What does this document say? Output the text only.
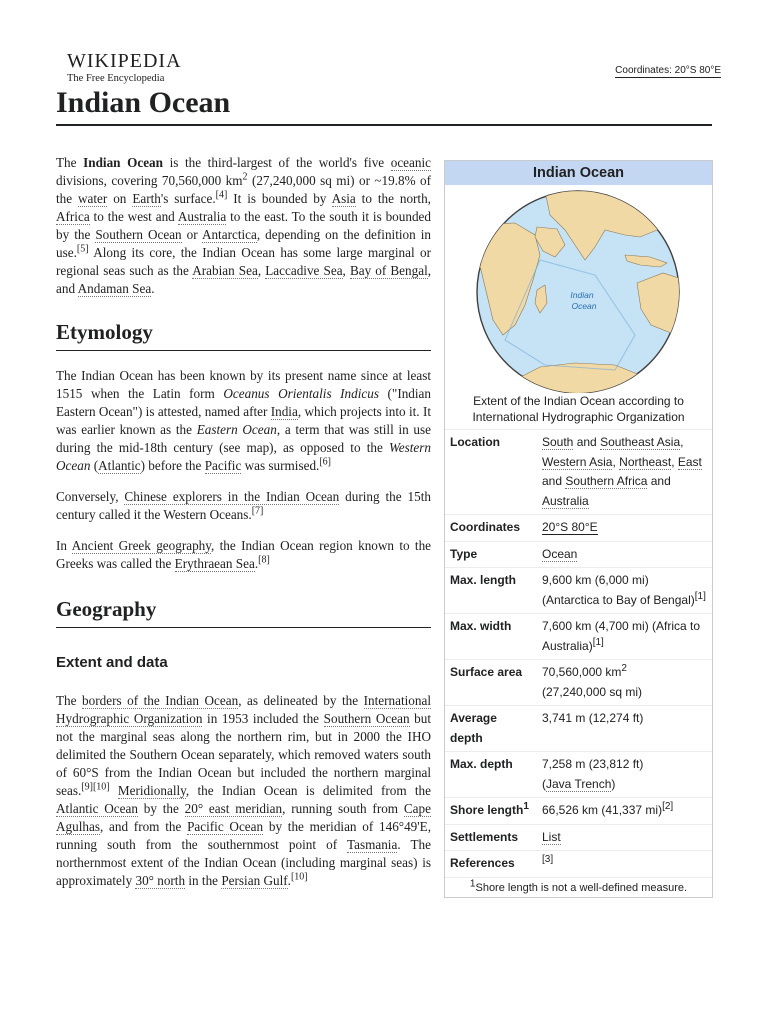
WIKIPEDIA
The Free Encyclopedia
Coordinates: 20°S 80°E
Indian Ocean

The Indian Ocean is the third-largest of the world's five oceanic divisions, covering 70,560,000 $km^2$ (27,240,000 sq mi) or ~19.8% of the water on Earth's surface.[4] It is bounded by Asia to the north, Africa to the west and Australia to the east. To the south it is bounded by the Southern Ocean or Antarctica, depending on the definition in use.[5] Along its core, the Indian Ocean has some large marginal or regional seas such as the Arabian Sea, Laccadive Sea, Bay of Bengal, and Andaman Sea.

Etymology

The Indian Ocean has been known by its present name since at least 1515 when the Latin form Oceanus Orientalis Indicus ("Indian Eastern Ocean") is attested, named after India, which projects into it. It was earlier known as the Eastern Ocean, a term that was still in use during the mid-18th century (see map), as opposed to the Western Ocean (Atlantic) before the Pacific was surmised.[6]

Conversely, Chinese explorers in the Indian Ocean during the 15th century called it the Western Oceans.[7]

In Ancient Greek geography, the Indian Ocean region known to the Greeks was called the Erythraean Sea.[8]

Geography
Extent and data

The borders of the Indian Ocean, as delineated by the International Hydrographic Organization in 1953 included the Southern Ocean but not the marginal seas along the northern rim, but in 2000 the IHO delimited the Southern Ocean separately, which removed waters south of 60°S from the Indian Ocean but included the northern marginal seas.[9][10] Meridionally, the Indian Ocean is delimited from the Atlantic Ocean by the 20° east meridian, running south from Cape Agulhas, and from the Pacific Ocean by the meridian of 146°49'E, running south from the southernmost point of Tasmania. The northernmost extent of the Indian Ocean (including marginal seas) is approximately 30° north in the Persian Gulf.[10]

Indian Ocean
Indian
Ocean
Extent of the Indian Ocean according to International Hydrographic Organization
Location	South and Southeast Asia, Western Asia, Northeast, East and Southern Africa and Australia
Coordinates	20°S 80°E
Type	Ocean
Max. length	9,600 km (6,000 mi) (Antarctica to Bay of Bengal)[1]
Max. width	7,600 km (4,700 mi) (Africa to Australia)[1]
Surface area	70,560,000 $km^2$
(27,240,000 sq mi)
Average depth	3,741 m (12,274 ft)
Max. depth	7,258 m (23,812 ft)
(Java Trench)
Shore length$^1$	66,526 km (41,337 mi)[2]
Settlements	List
References	[3]
$^1$Shore length is not a well-defined measure.
